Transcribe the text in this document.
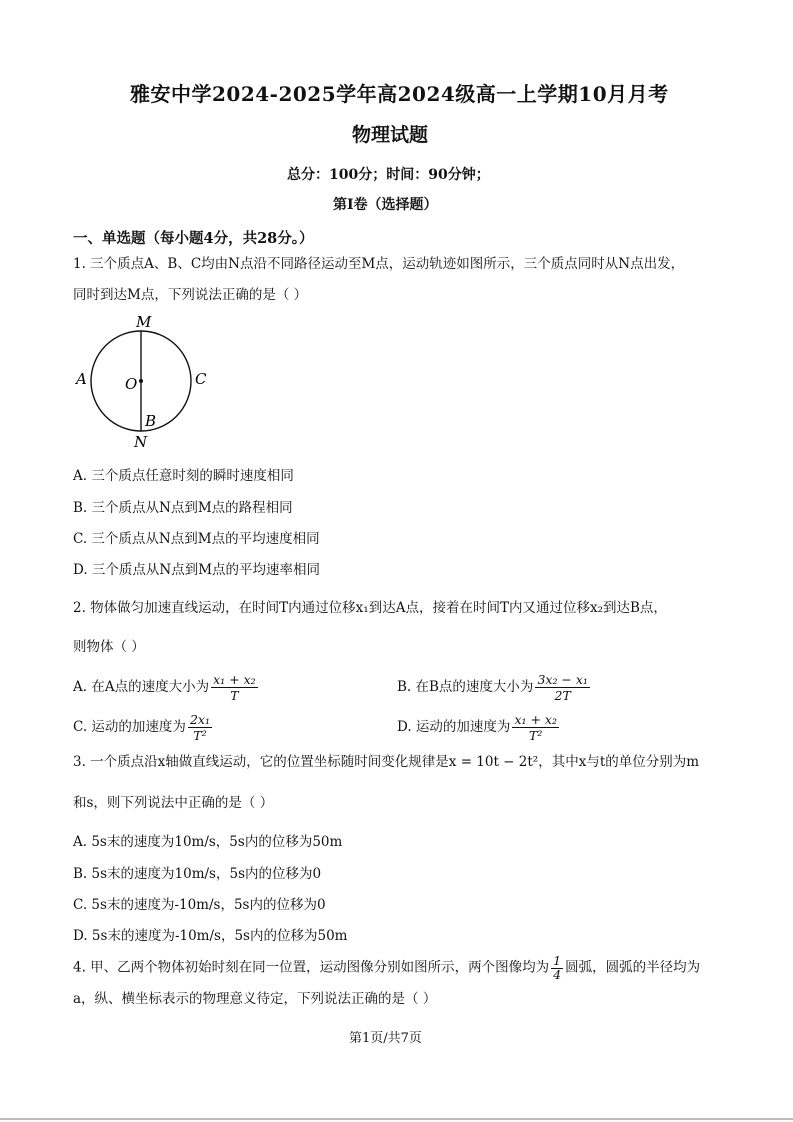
雅安中学2024-2025学年高2024级高一上学期10月月考
物理试题
总分：100分；时间：90分钟；
第Ⅰ卷（选择题）
一、单选题（每小题4分，共28分。）
1. 三个质点A、B、C均由N点沿不同路径运动至M点，运动轨迹如图所示，三个质点同时从N点出发，
同时到达M点，下列说法正确的是（ ）
M
N
A	C
O
B
A. 三个质点任意时刻的瞬时速度相同
B. 三个质点从N点到M点的路程相同
C. 三个质点从N点到M点的平均速度相同
D. 三个质点从N点到M点的平均速率相同
2. 物体做匀加速直线运动，在时间T内通过位移x₁到达A点，接着在时间T内又通过位移x₂到达B点，
则物体（ ）
A. 在A点的速度大小为 $\frac{\text{x₁ + x₂}}{T}$	B. 在B点的速度大小为 $\frac{\text{3x₂ − x₁}}{2T}$
C. 运动的加速度为 $\frac{\text{2x₁}}{\text{T²}}$	D. 运动的加速度为 $\frac{\text{x₁ + x₂}}{\text{T²}}$
3. 一个质点沿x轴做直线运动，它的位置坐标随时间变化规律是x = 10t − 2t²，其中x与t的单位分别为m
和s，则下列说法中正确的是（ ）
A. 5s末的速度为10m/s，5s内的位移为50m
B. 5s末的速度为10m/s，5s内的位移为0
C. 5s末的速度为-10m/s，5s内的位移为0
D. 5s末的速度为-10m/s，5s内的位移为50m
4. 甲、乙两个物体初始时刻在同一位置，运动图像分别如图所示，两个图像均为 $\frac{1}{4}$ 圆弧，圆弧的半径均为
a，纵、横坐标表示的物理意义待定，下列说法正确的是（ ）
第1页/共7页
